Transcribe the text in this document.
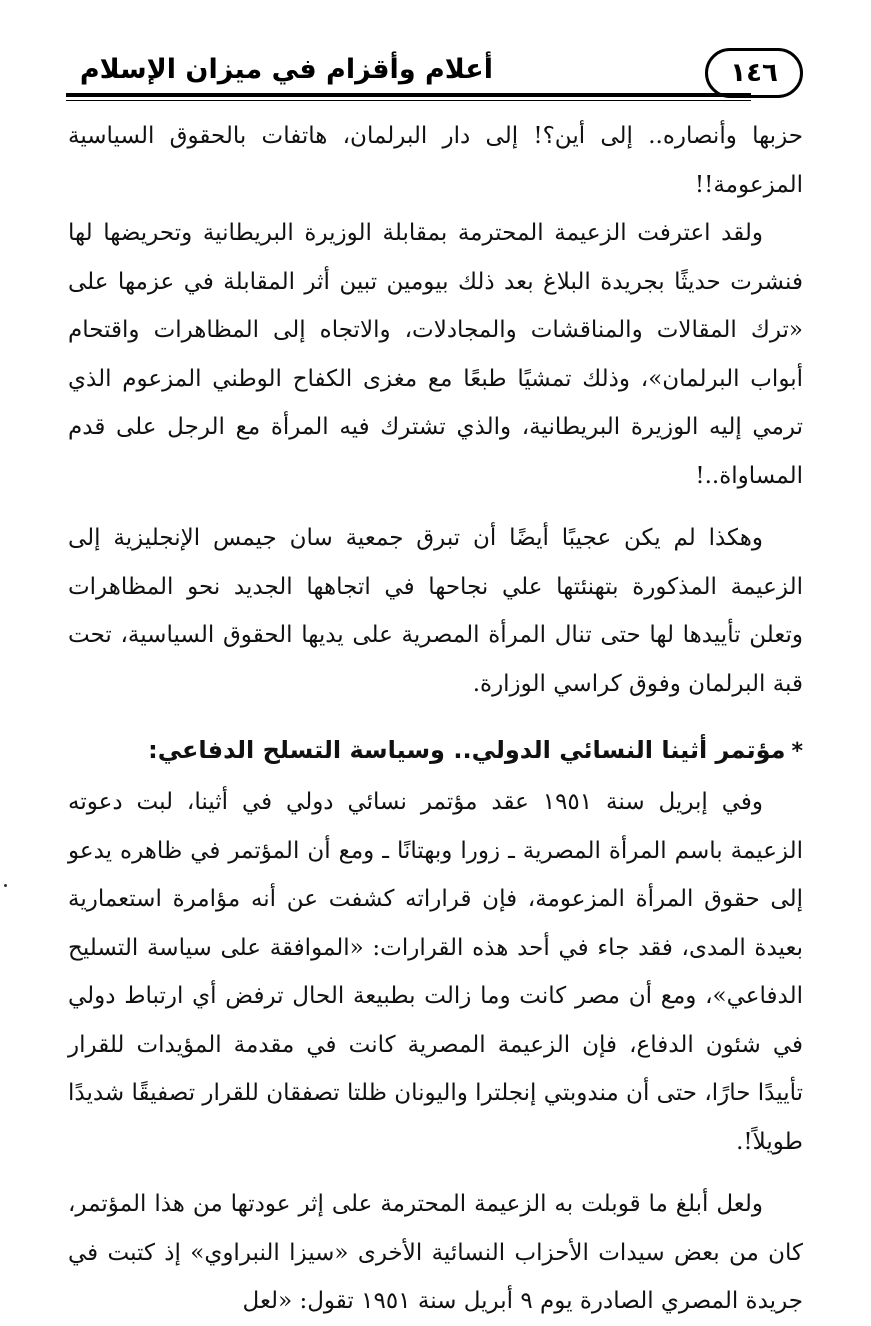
١٤٦
أعلام وأقزام في ميزان الإسلام

حزبها وأنصاره.. إلى أين؟! إلى دار البرلمان، هاتفات بالحقوق السياسية المزعومة!!

ولقد اعترفت الزعيمة المحترمة بمقابلة الوزيرة البريطانية وتحريضها لها فنشرت حديثًا بجريدة البلاغ بعد ذلك بيومين تبين أثر المقابلة في عزمها على «ترك المقالات والمناقشات والمجادلات، والاتجاه إلى المظاهرات واقتحام أبواب البرلمان»، وذلك تمشيًا طبعًا مع مغزى الكفاح الوطني المزعوم الذي ترمي إليه الوزيرة البريطانية، والذي تشترك فيه المرأة مع الرجل على قدم المساواة..!

وهكذا لم يكن عجيبًا أيضًا أن تبرق جمعية سان جيمس الإنجليزية إلى الزعيمة المذكورة بتهنئتها علي نجاحها في اتجاهها الجديد نحو المظاهرات وتعلن تأييدها لها حتى تنال المرأة المصرية على يديها الحقوق السياسية، تحت قبة البرلمان وفوق كراسي الوزارة.

*مؤتمر أثينا النسائي الدولي.. وسياسة التسلح الدفاعي:

وفي إبريل سنة ١٩٥١ عقد مؤتمر نسائي دولي في أثينا، لبت دعوته الزعيمة باسم المرأة المصرية ـ زورا وبهتانًا ـ ومع أن المؤتمر في ظاهره يدعو إلى حقوق المرأة المزعومة، فإن قراراته كشفت عن أنه مؤامرة استعمارية بعيدة المدى، فقد جاء في أحد هذه القرارات: «الموافقة على سياسة التسليح الدفاعي»، ومع أن مصر كانت وما زالت بطبيعة الحال ترفض أي ارتباط دولي في شئون الدفاع، فإن الزعيمة المصرية كانت في مقدمة المؤيدات للقرار تأييدًا حارًا، حتى أن مندوبتي إنجلترا واليونان ظلتا تصفقان للقرار تصفيقًا شديدًا طويلاً!.

ولعل أبلغ ما قوبلت به الزعيمة المحترمة على إثر عودتها من هذا المؤتمر، كان من بعض سيدات الأحزاب النسائية الأخرى «سيزا النبراوي» إذ كتبت في جريدة المصري الصادرة يوم ٩ أبريل سنة ١٩٥١ تقول: «لعل
